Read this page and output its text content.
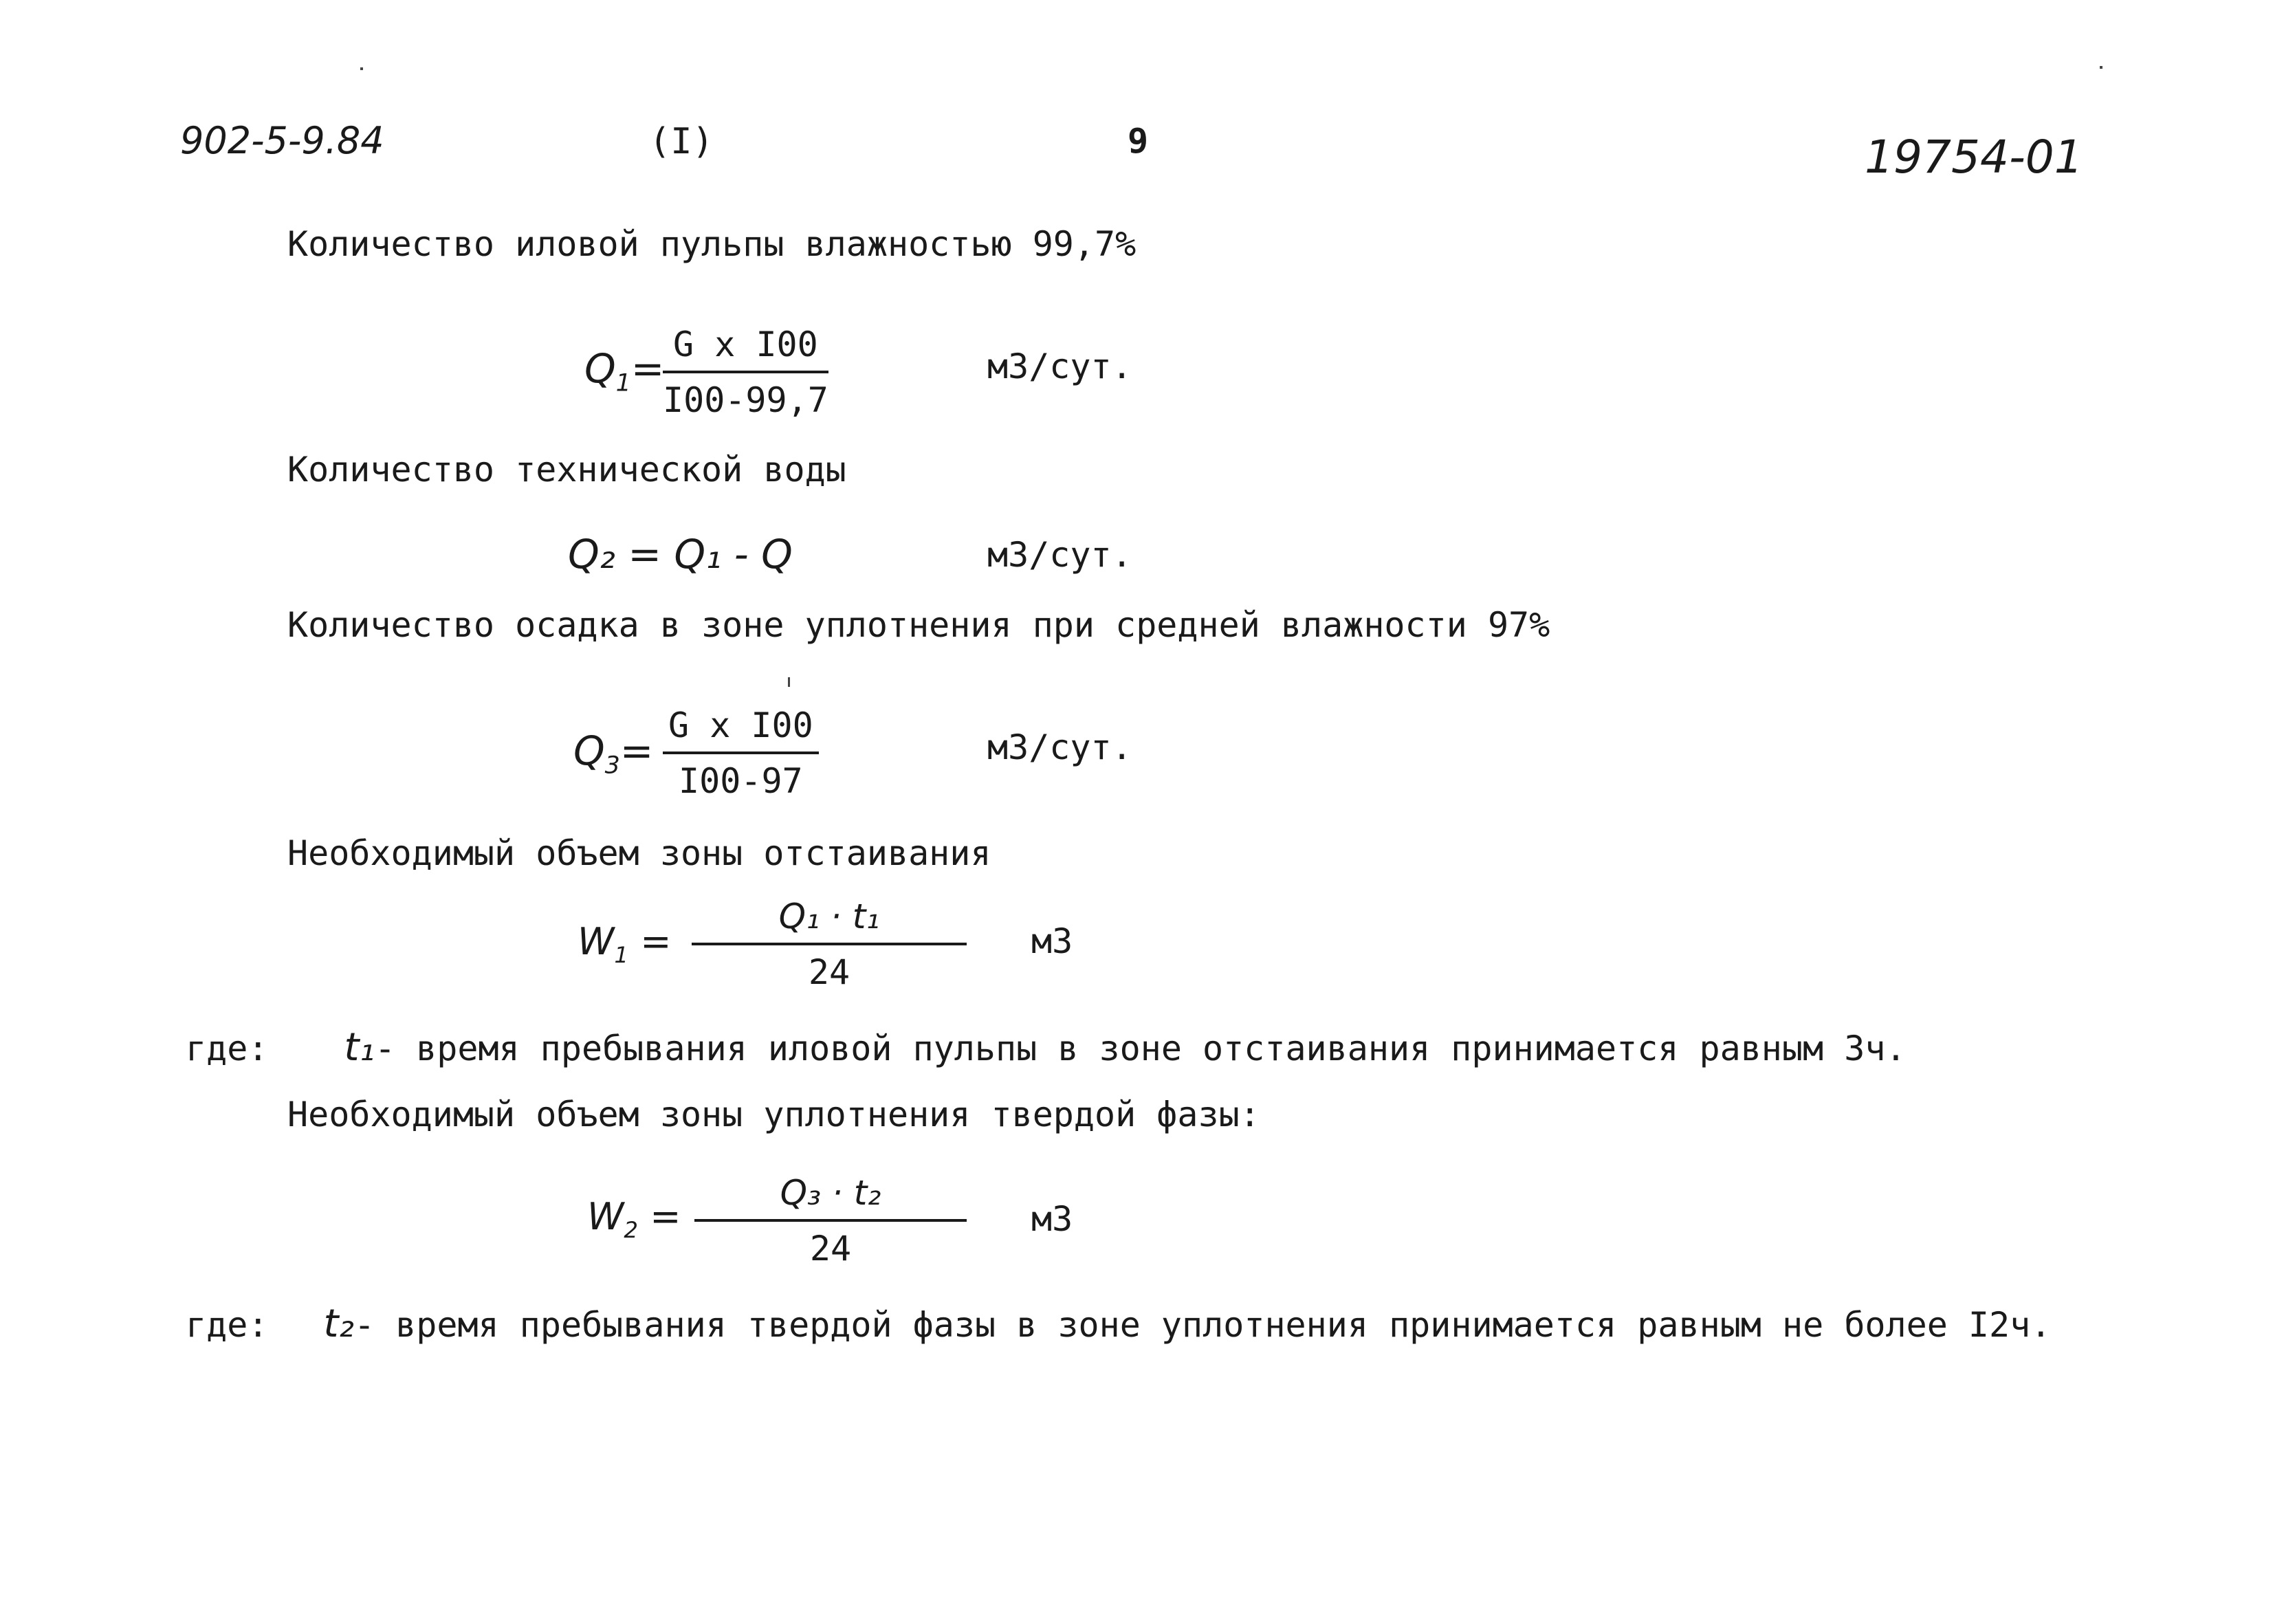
902-5-9.84	(I)	9	19754-01
Количество иловой пульпы влажностью 99,7%
$Q_1=$
$\frac{\text{G x I00}}{I00-99,7}$	м3/сут.
Количество технической воды
Q₂ = Q₁ - Q	м3/сут.
Количество осадка в зоне уплотнения при средней влажности 97%
$Q_3= \frac{\text{G x I00}}{I00-97}$	м3/сут.
Необходимый объем зоны отстаивания
$W_1 = \frac{\text{Q₁ · t₁}}{24} м3$
где: t₁- время пребывания иловой пульпы в зоне отстаивания принимается равным 3ч.
Необходимый объем зоны уплотнения твердой фазы:
$W_2 = \frac{\text{Q₃ · t₂}}{24} м3$
где: t₂- время пребывания твердой фазы в зоне уплотнения принимается равным не более I2ч.
